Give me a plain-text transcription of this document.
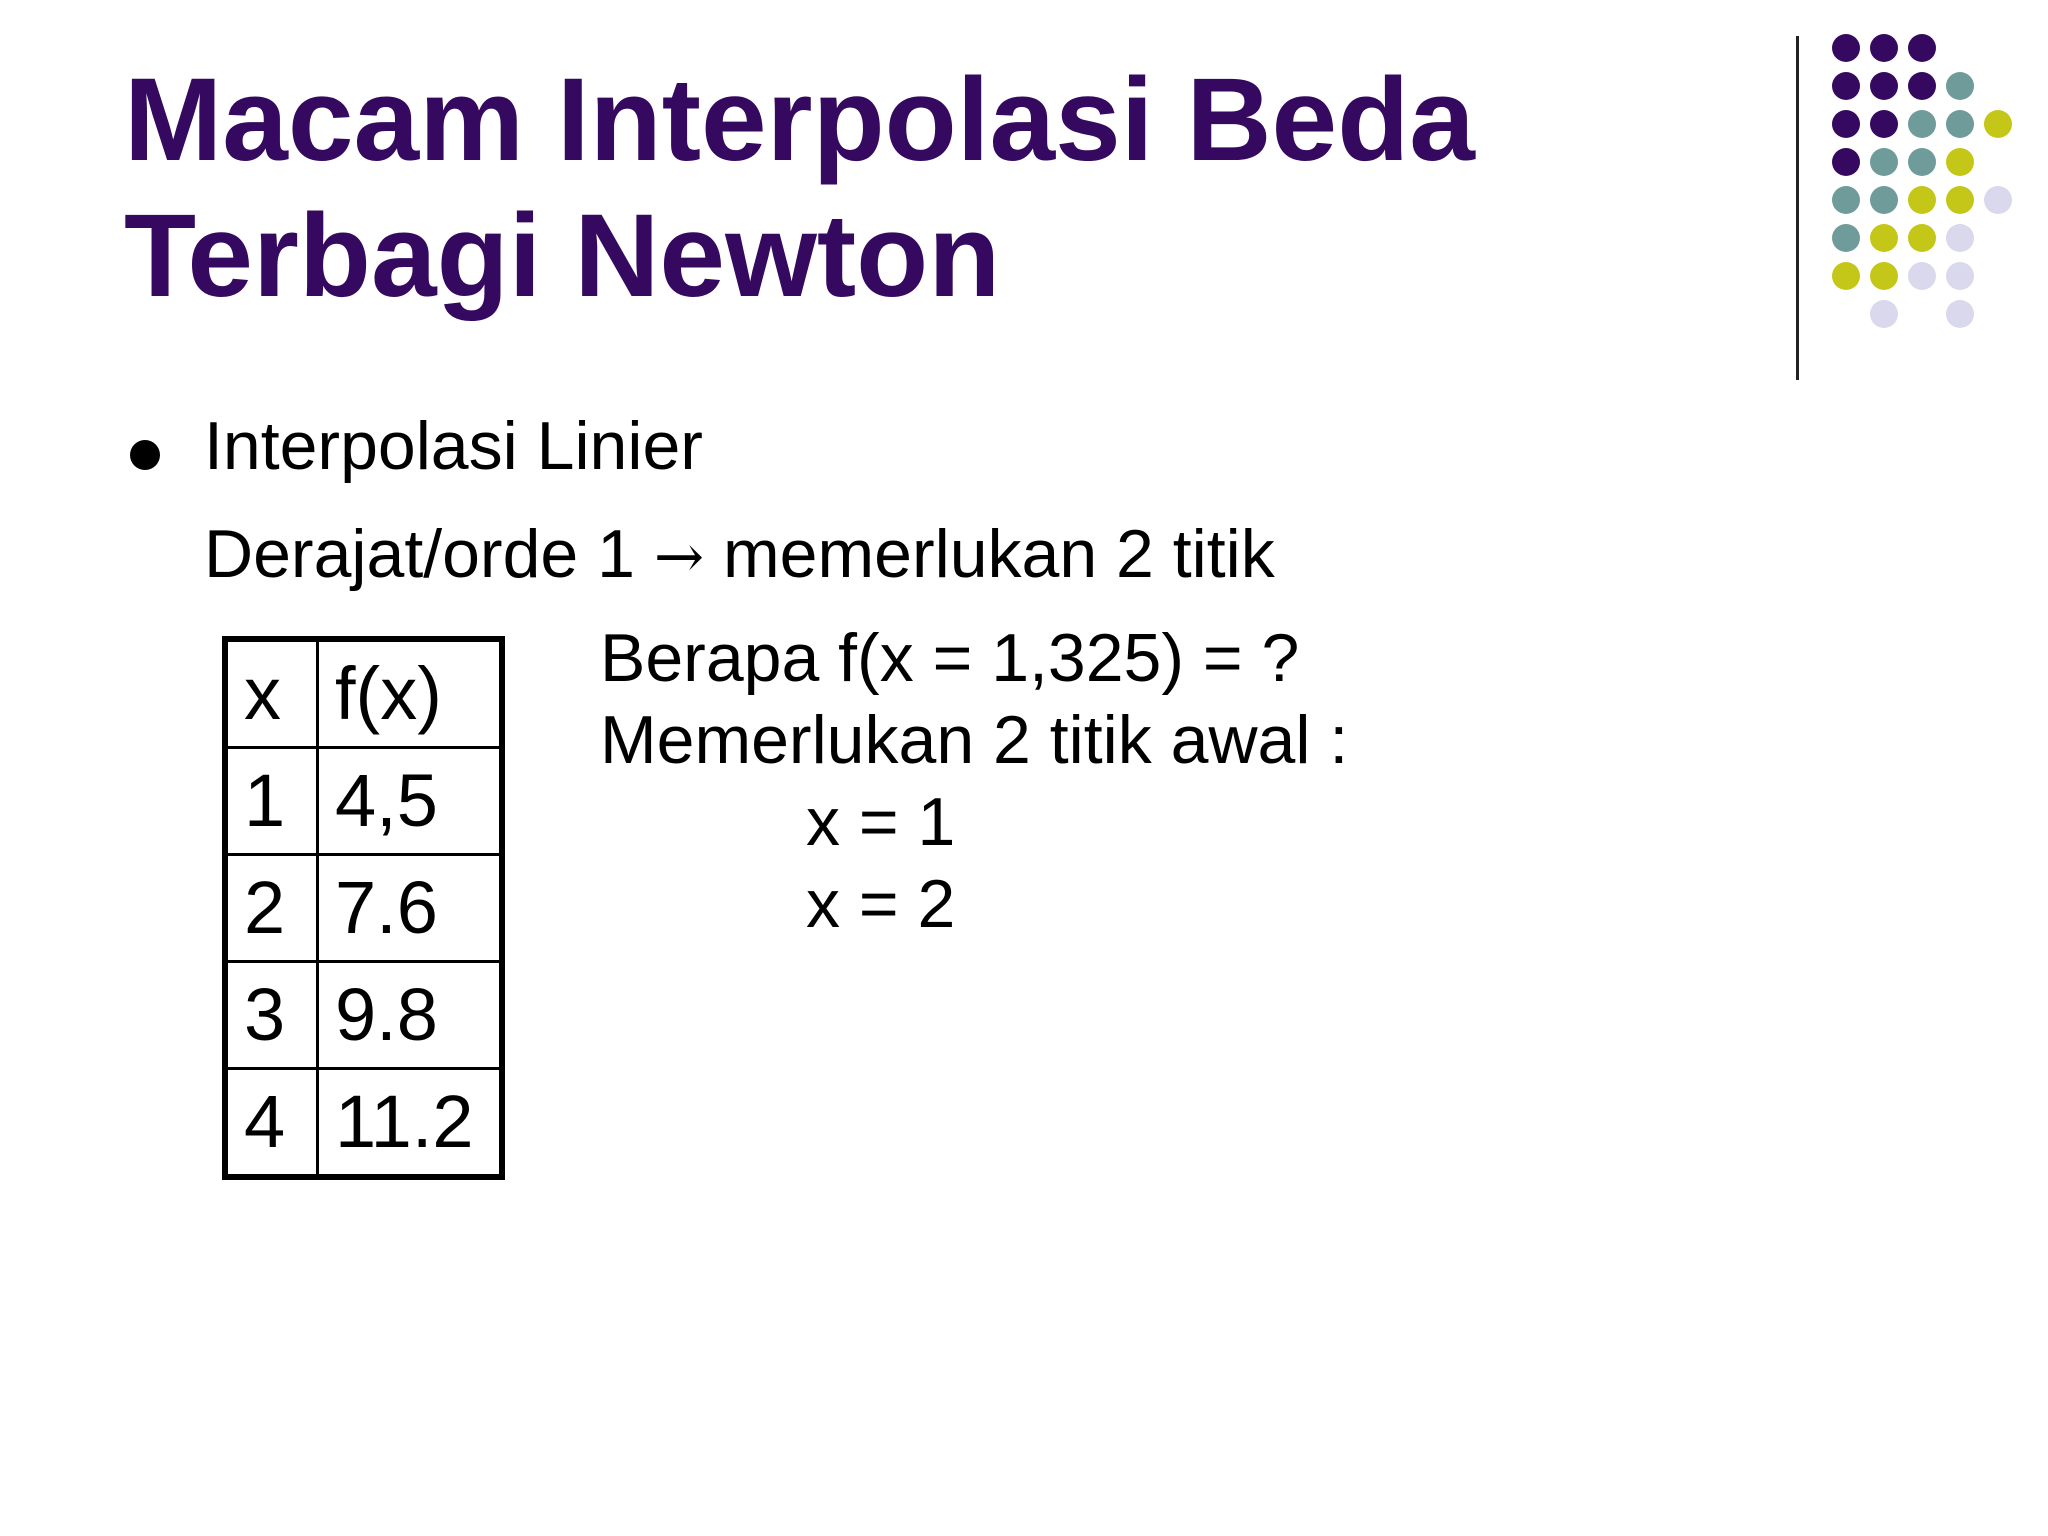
Macam Interpolasi Beda
Terbagi Newton
Interpolasi Linier
Derajat/orde 1 → memerlukan 2 titik
x	f(x)
1	4,5
2	7.6
3	9.8
4	11.2
Berapa f(x = 1,325) = ?
Memerlukan 2 titik awal :
x = 1
x = 2
